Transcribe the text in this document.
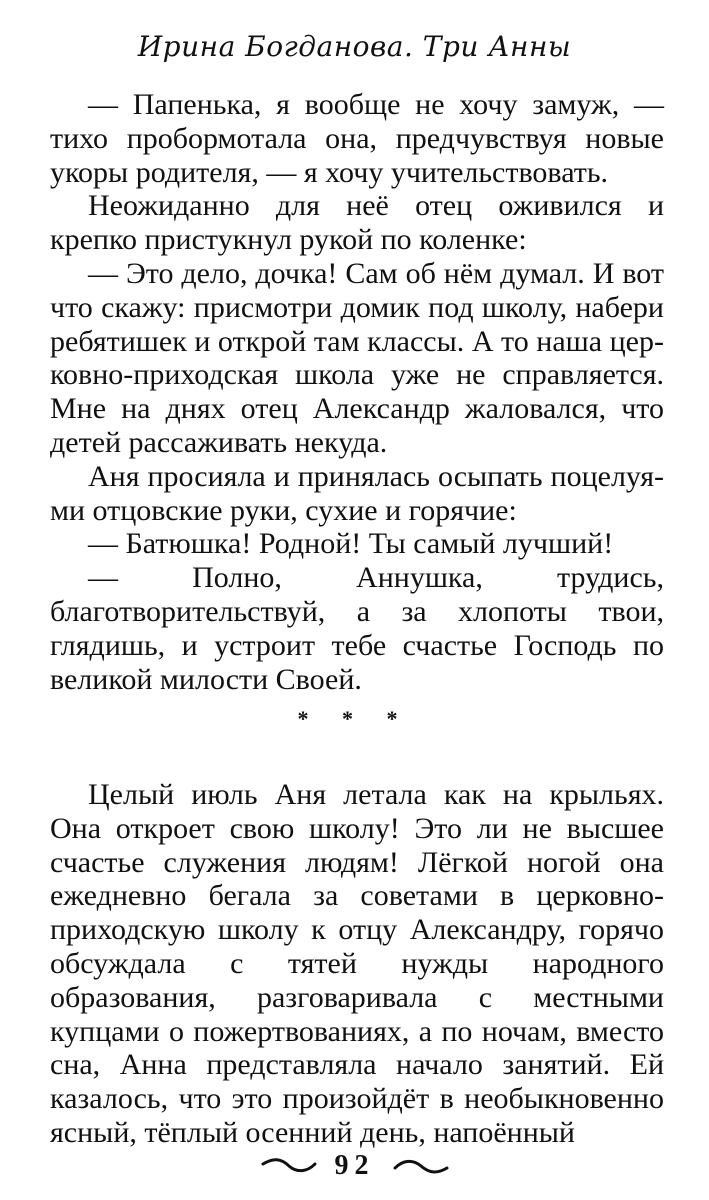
Ирина Богданова. Три Анны

— Папенька, я вообще не хочу замуж, — тихо пробормотала она, предчувствуя новые укоры родителя, — я хочу учительствовать.

Неожиданно для неё отец оживился и крепко пристукнул рукой по коленке:

— Это дело, дочка! Сам об нём думал. И вот что скажу: присмотри домик под школу, набери ребятишек и открой там классы. А то наша церковно-приходская школа уже не справляется. Мне на днях отец Александр жаловался, что детей рассаживать некуда.

Аня просияла и принялась осыпать поцелуями отцовские руки, сухие и горячие:

— Батюшка! Родной! Ты самый лучший!

— Полно, Аннушка, трудись, благотворительствуй, а за хлопоты твои, глядишь, и устроит тебе счастье Господь по великой милости Своей.

* * *

Целый июль Аня летала как на крыльях. Она откроет свою школу! Это ли не высшее счастье служения людям! Лёгкой ногой она ежедневно бегала за советами в церковно-приходскую школу к отцу Александру, горячо обсуждала с тятей нужды народного образования, разговаривала с местными купцами о пожертвованиях, а по ночам, вместо сна, Анна представляла начало занятий. Ей казалось, что это произойдёт в необыкновенно ясный, тёплый осенний день, напоённый

92
